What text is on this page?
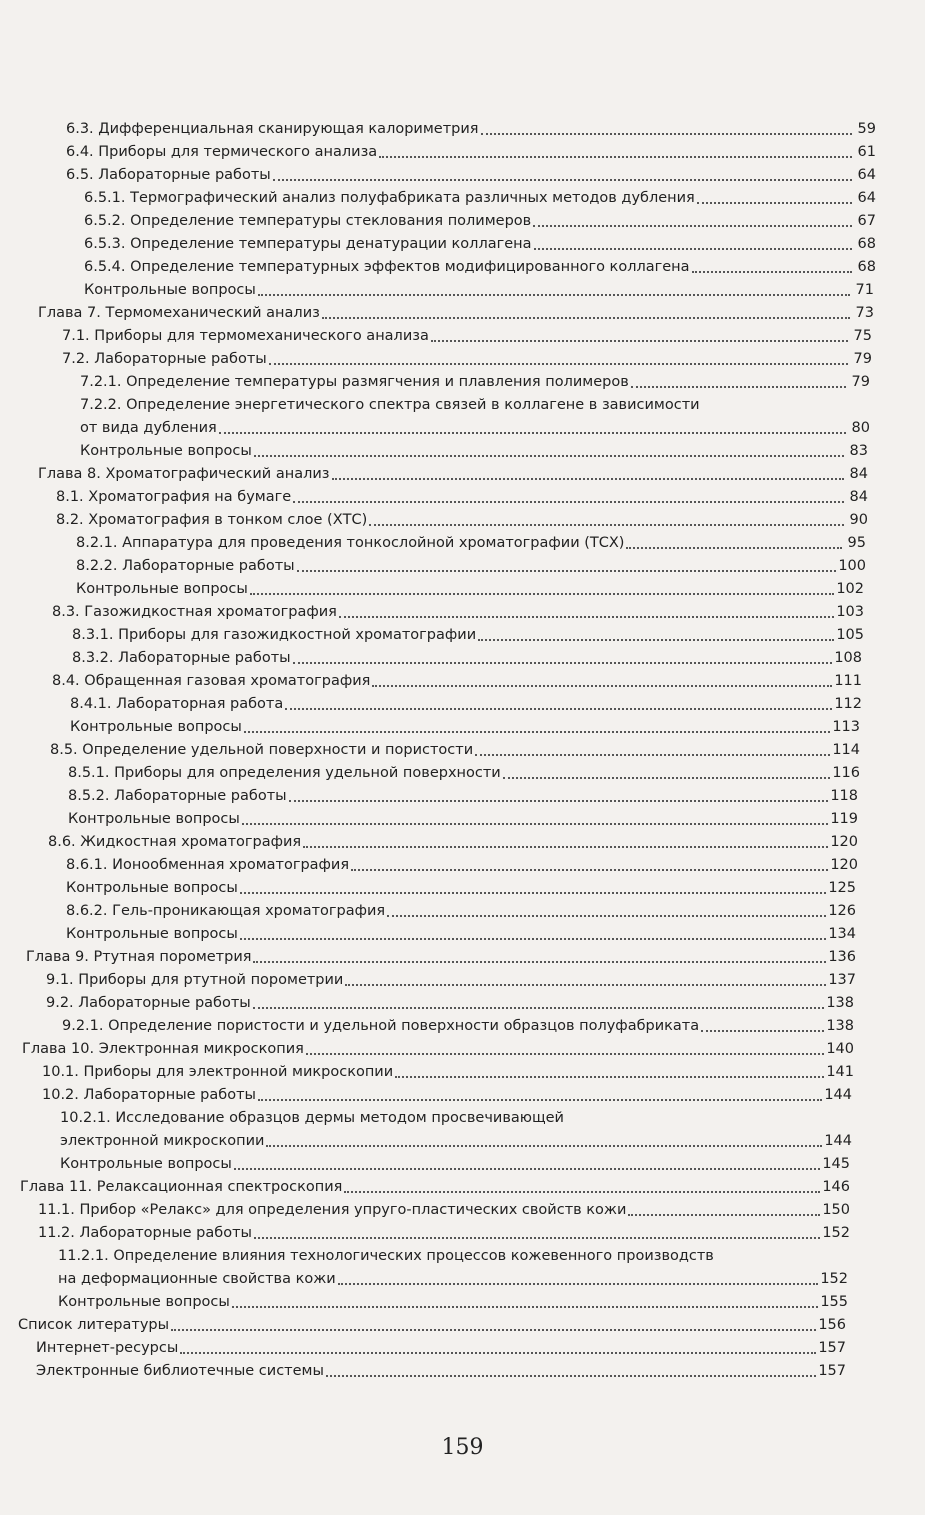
6.3. Дифференциальная сканирующая калориметрия	59
6.4. Приборы для термического анализа	61
6.5. Лабораторные работы	64
6.5.1. Термографический анализ полуфабриката различных методов дубления	64
6.5.2. Определение температуры стеклования полимеров	67
6.5.3. Определение температуры денатурации коллагена	68
6.5.4. Определение температурных эффектов модифицированного коллагена	68
Контрольные вопросы	71
Глава 7. Термомеханический анализ	73
7.1. Приборы для термомеханического анализа	75
7.2. Лабораторные работы	79
7.2.1. Определение температуры размягчения и плавления полимеров	79
7.2.2. Определение энергетического спектра связей в коллагене в зависимости
от вида дубления	80
Контрольные вопросы	83
Глава 8. Хроматографический анализ	84
8.1. Хроматография на бумаге	84
8.2. Хроматография в тонком слое (ХТС)	90
8.2.1. Аппаратура для проведения тонкослойной хроматографии (ТСХ)	95
8.2.2. Лабораторные работы	100
Контрольные вопросы	102
8.3. Газожидкостная хроматография	103
8.3.1. Приборы для газожидкостной хроматографии	105
8.3.2. Лабораторные работы	108
8.4. Обращенная газовая хроматография	111
8.4.1. Лабораторная работа	112
Контрольные вопросы	113
8.5. Определение удельной поверхности и пористости	114
8.5.1. Приборы для определения удельной поверхности	116
8.5.2. Лабораторные работы	118
Контрольные вопросы	119
8.6. Жидкостная хроматография	120
8.6.1. Ионообменная хроматография	120
Контрольные вопросы	125
8.6.2. Гель-проникающая хроматография	126
Контрольные вопросы	134
Глава 9. Ртутная порометрия	136
9.1. Приборы для ртутной порометрии	137
9.2. Лабораторные работы	138
9.2.1. Определение пористости и удельной поверхности образцов полуфабриката	138
Глава 10. Электронная микроскопия	140
10.1. Приборы для электронной микроскопии	141
10.2. Лабораторные работы	144
10.2.1. Исследование образцов дермы методом просвечивающей
электронной микроскопии	144
Контрольные вопросы	145
Глава 11. Релаксационная спектроскопия	146
11.1. Прибор «Релакс» для определения упруго-пластических свойств кожи	150
11.2. Лабораторные работы	152
11.2.1. Определение влияния технологических процессов кожевенного производств
на деформационные свойства кожи	152
Контрольные вопросы	155
Список литературы	156
Интернет-ресурсы	157
Электронные библиотечные системы	157
159
